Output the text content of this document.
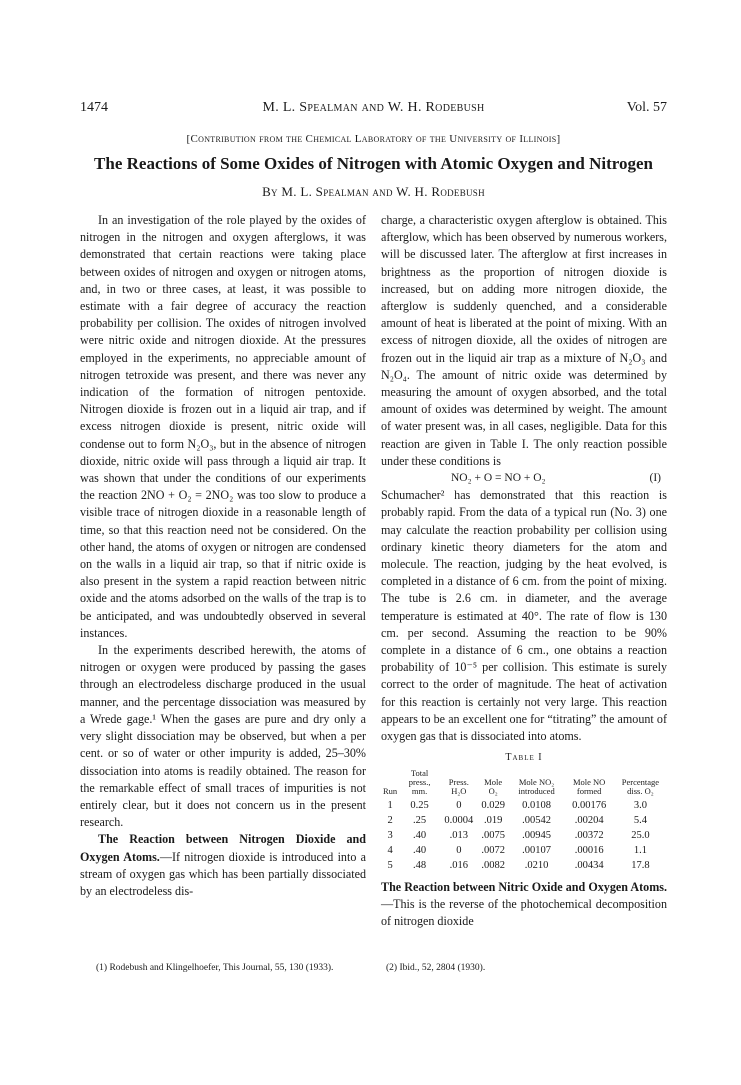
1474	M. L. Spealman and W. H. Rodebush	Vol. 57
[Contribution from the Chemical Laboratory of the University of Illinois]
The Reactions of Some Oxides of Nitrogen with Atomic Oxygen and Nitrogen
By M. L. Spealman and W. H. Rodebush

In an investigation of the role played by the oxides of nitrogen in the nitrogen and oxygen afterglows, it was demonstrated that certain reactions were taking place between oxides of nitrogen and oxygen or nitrogen atoms, and, in two or three cases, at least, it was possible to estimate with a fair degree of accuracy the reaction probability per collision. The oxides of nitrogen involved were nitric oxide and nitrogen dioxide. At the pressures employed in the experiments, no appreciable amount of nitrogen tetroxide was present, and there was never any indication of the formation of nitrogen pentoxide. Nitrogen dioxide is frozen out in a liquid air trap, and if excess nitrogen dioxide is present, nitric oxide will condense out to form N₂O₃, but in the absence of nitrogen dioxide, nitric oxide will pass through a liquid air trap. It was shown that under the conditions of our experiments the reaction 2NO + O₂ = 2NO₂ was too slow to produce a visible trace of nitrogen dioxide in a reasonable length of time, so that this reaction need not be considered. On the other hand, the atoms of oxygen or nitrogen are condensed on the walls in a liquid air trap, so that if nitric oxide is also present in the system a rapid reaction between nitric oxide and the atoms adsorbed on the walls of the trap is to be anticipated, and was undoubtedly observed in several instances.

In the experiments described herewith, the atoms of nitrogen or oxygen were produced by passing the gases through an electrodeless discharge produced in the usual manner, and the percentage dissociation was measured by a Wrede gage.¹ When the gases are pure and dry only a very slight dissociation may be observed, but when a per cent. or so of water or other impurity is added, 25–30% dissociation into atoms is readily obtained. The reason for the remarkable effect of small traces of impurities is not entirely clear, but it does not concern us in the present research.

The Reaction between Nitrogen Dioxide and Oxygen Atoms.—If nitrogen dioxide is introduced into a stream of oxygen gas which has been partially dissociated by an electrodeless dis-

charge, a characteristic oxygen afterglow is obtained. This afterglow, which has been observed by numerous workers, will be discussed later. The afterglow at first increases in brightness as the proportion of nitrogen dioxide is increased, but on adding more nitrogen dioxide, the afterglow is suddenly quenched, and a considerable amount of heat is liberated at the point of mixing. With an excess of nitrogen dioxide, all the oxides of nitrogen are frozen out in the liquid air trap as a mixture of N₂O₃ and N₂O₄. The amount of nitric oxide was determined by measuring the amount of oxygen absorbed, and the total amount of oxides was determined by weight. The amount of water present was, in all cases, negligible. Data for this reaction are given in Table I. The only reaction possible under these conditions is

NO₂ + O = NO + O₂	(I)

Schumacher² has demonstrated that this reaction is probably rapid. From the data of a typical run (No. 3) one may calculate the reaction probability per collision using ordinary kinetic theory diameters for the atom and molecule. The reaction, judging by the heat evolved, is completed in a distance of 6 cm. from the point of mixing. The tube is 2.6 cm. in diameter, and the average temperature is estimated at 40°. The rate of flow is 130 cm. per second. Assuming the reaction to be 90% complete in a distance of 6 cm., one obtains a reaction probability of 10⁻⁵ per collision. This estimate is surely correct to the order of magnitude. The heat of activation for this reaction is certainly not very large. This reaction appears to be an excellent one for “titrating” the amount of oxygen gas that is dissociated into atoms.

Table I
Run	Total press., mm.	Press. H₂O	Mole O₂	Mole NO₂ introduced	Mole NO formed	Percentage diss. O₂
1	0.25	0	0.029	0.0108	0.00176	3.0
2	.25	0.0004	.019	.00542	.00204	5.4
3	.40	.013	.0075	.00945	.00372	25.0
4	.40	0	.0072	.00107	.00016	1.1
5	.48	.016	.0082	.0210	.00434	17.8

The Reaction between Nitric Oxide and Oxygen Atoms.—This is the reverse of the photochemical decomposition of nitrogen dioxide

(1) Rodebush and Klingelhoefer, This Journal, 55, 130 (1933).	(2) Ibid., 52, 2804 (1930).
